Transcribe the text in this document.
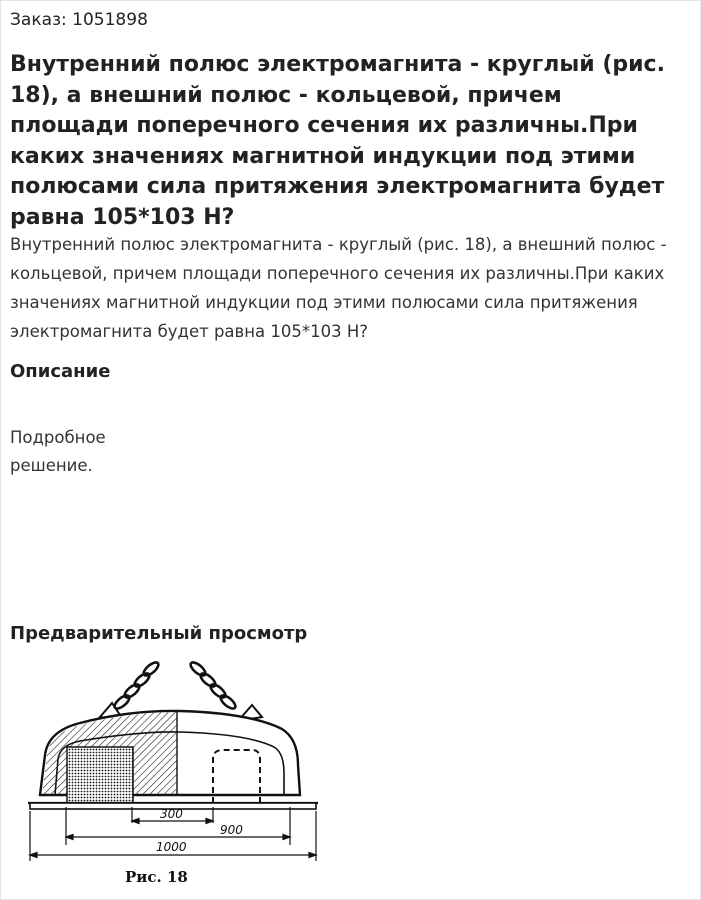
Заказ: 1051898
Внутренний полюс электромагнита - круглый (рис. 18), а внешний полюс - кольцевой, причем площади поперечного сечения их различны.При каких значениях магнитной индукции под этими полюсами сила притяжения электромагнита будет равна 105*103 Н?

Внутренний полюс электромагнита - круглый (рис. 18), а внешний полюс - кольцевой, причем площади поперечного сечения их различны.При каких значениях магнитной индукции под этими полюсами сила притяжения электромагнита будет равна 105*103 Н?

Описание
Подробное решение.
Предварительный просмотр
300
900
1000
Рис. 18
